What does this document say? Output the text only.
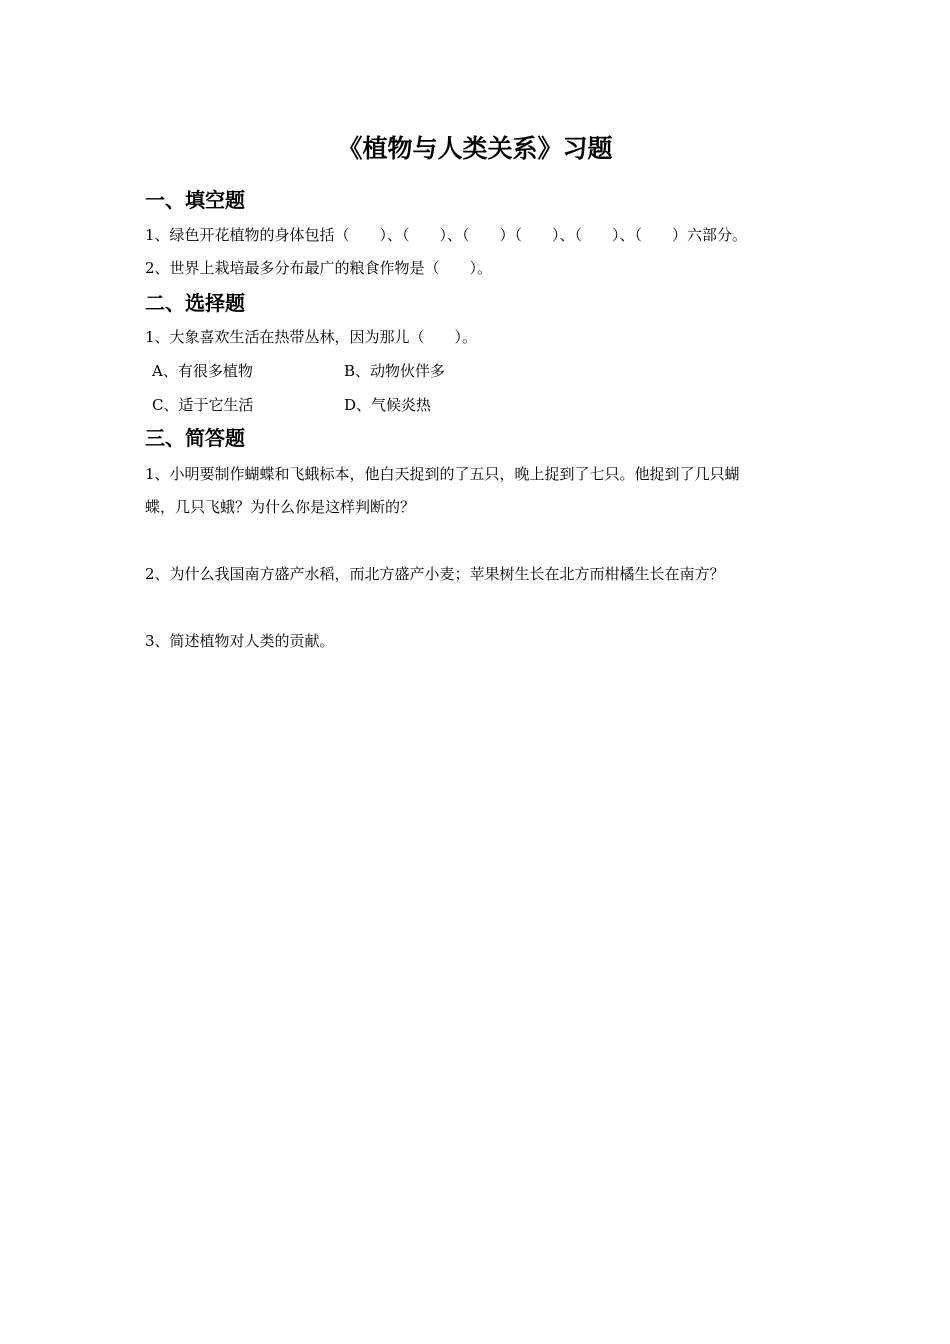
《植物与人类关系》习题
一、填空题
1、绿色开花植物的身体包括（　　）、（　　）、（　　）（　　）、（　　）、（　　）六部分。
2、世界上栽培最多分布最广的粮食作物是（　　）。
二、选择题
1、大象喜欢生活在热带丛林，因为那儿（　　）。
A、有很多植物	B、动物伙伴多
C、适于它生活	D、气候炎热
三、简答题
1、小明要制作蝴蝶和飞蛾标本，他白天捉到的了五只，晚上捉到了七只。他捉到了几只蝴
蝶，几只飞蛾？为什么你是这样判断的？
2、为什么我国南方盛产水稻，而北方盛产小麦；苹果树生长在北方而柑橘生长在南方？
3、简述植物对人类的贡献。
